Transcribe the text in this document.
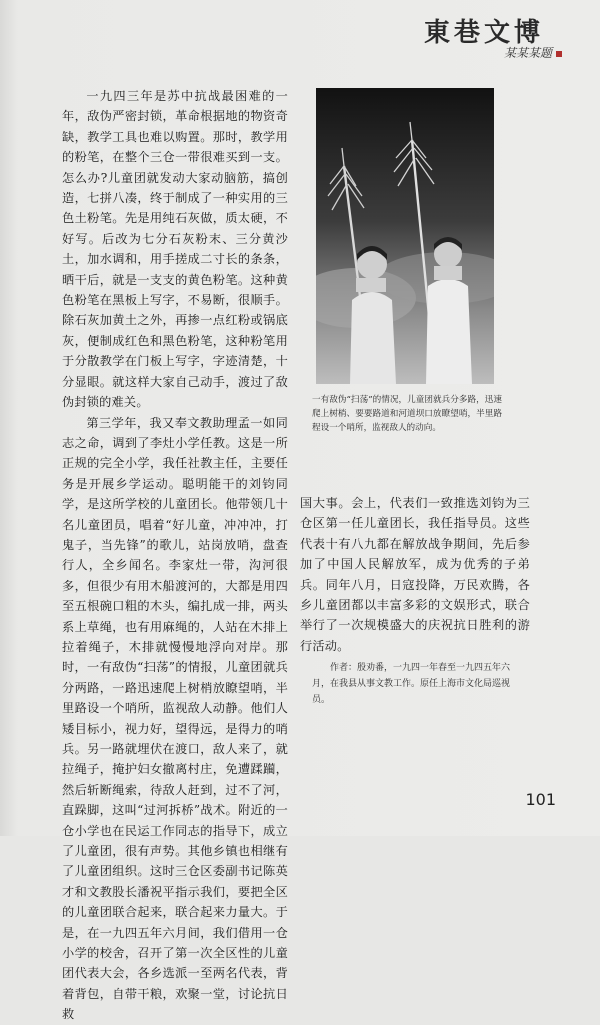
東巷文博
某某某题

一九四三年是苏中抗战最困难的一年，敌伪严密封锁，革命根据地的物资奇缺，教学工具也难以购置。那时，教学用的粉笔，在整个三仓一带很难买到一支。怎么办?儿童团就发动大家动脑筋，搞创造，七拼八凑，终于制成了一种实用的三色土粉笔。先是用纯石灰做，质太硬，不好写。后改为七分石灰粉末、三分黄沙土，加水调和，用手搓成二寸长的条条，晒干后，就是一支支的黄色粉笔。这种黄色粉笔在黑板上写字，不易断，很顺手。除石灰加黄土之外，再掺一点红粉或锅底灰，便制成红色和黑色粉笔，这种粉笔用于分散教学在门板上写字，字迹清楚，十分显眼。就这样大家自己动手，渡过了敌伪封锁的难关。

第三学年，我又奉文教助理孟一如同志之命，调到了李灶小学任教。这是一所正规的完全小学，我任社教主任，主要任务是开展乡学运动。聪明能干的刘钧同学，是这所学校的儿童团长。他带领几十名儿童团员，唱着“好儿童，冲冲冲，打鬼子，当先锋”的歌儿，站岗放哨，盘查行人，全乡闻名。李家灶一带，沟河很多，但很少有用木船渡河的，大都是用四至五根碗口粗的木头，编扎成一排，两头系上草绳，也有用麻绳的，人站在木排上拉着绳子，木排就慢慢地浮向对岸。那时，一有敌伪“扫荡”的情报，儿童团就兵分两路，一路迅速爬上树梢放瞭望哨，半里路设一个哨所，监视敌人动静。他们人矮目标小，视力好，望得远，是得力的哨兵。另一路就埋伏在渡口，敌人来了，就拉绳子，掩护妇女撤离村庄，免遭蹂躏，然后斩断绳索，待敌人赶到，过不了河，直跺脚，这叫“过河拆桥”战术。附近的一仓小学也在民运工作同志的指导下，成立了儿童团，很有声势。其他乡镇也相继有了儿童团组织。这时三仓区委副书记陈英才和文教股长潘祝平指示我们，要把全区的儿童团联合起来，联合起来力量大。于是，在一九四五年六月间，我们借用一仓小学的校舍，召开了第一次全区性的儿童团代表大会，各乡选派一至两名代表，背着背包，自带干粮，欢聚一堂，讨论抗日救

一有敌伪“扫荡”的情况，儿童团就兵分多路，迅速爬上树梢、要要路道和河道坝口放瞭望哨，半里路程设一个哨所，监视敌人的动向。

国大事。会上，代表们一致推选刘钧为三仓区第一任儿童团长，我任指导员。这些代表十有八九都在解放战争期间，先后参加了中国人民解放军，成为优秀的子弟兵。同年八月，日寇投降，万民欢腾，各乡儿童团都以丰富多彩的文娱形式，联合举行了一次规模盛大的庆祝抗日胜利的游行活动。

作者：殷劝番，一九四一年春至一九四五年六月，在我县从事文教工作。原任上海市文化局巡视员。
101
